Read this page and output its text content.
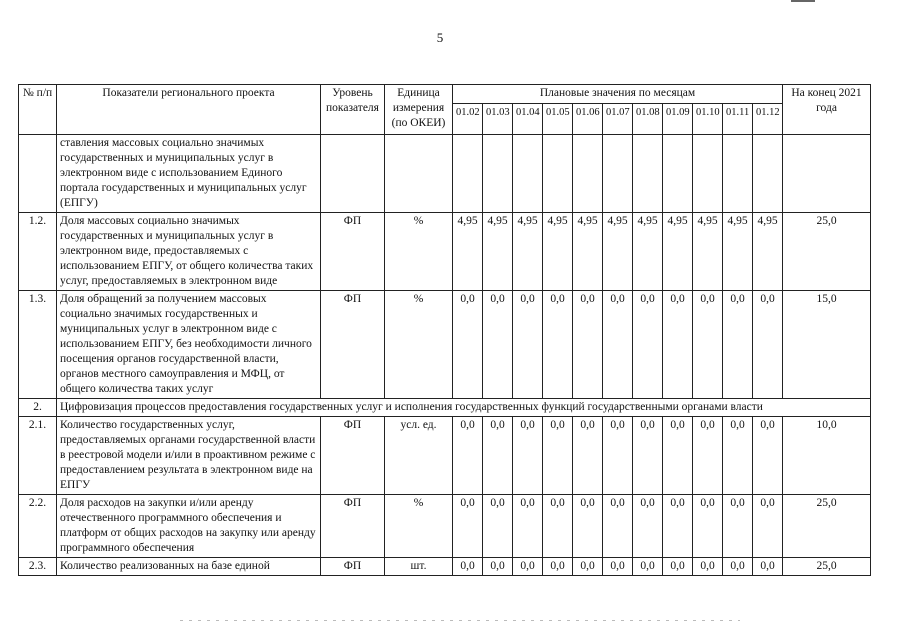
5
№ п/п	Показатели регионального проекта	Уровень показателя	Единица измерения (по ОКЕИ)	Плановые значения по месяцам											На конец 2021 года
				01.02	01.03	01.04	01.05	01.06	01.07	01.08	01.09	01.10	01.11	01.12	
	ставления массовых социально значимых государственных и муниципальных услуг в электронном виде с использованием Единого портала государственных и муниципальных услуг (ЕПГУ)														
1.2.	Доля массовых социально значимых государственных и муниципальных услуг в электронном виде, предоставляемых с использованием ЕПГУ, от общего количества таких услуг, предоставляемых в электронном виде	ФП	%	4,95	4,95	4,95	4,95	4,95	4,95	4,95	4,95	4,95	4,95	4,95	25,0
1.3.	Доля обращений за получением массовых социально значимых государственных и муниципальных услуг в электронном виде с использованием ЕПГУ, без необходимости личного посещения органов государственной власти, органов местного самоуправления и МФЦ, от общего количества таких услуг	ФП	%	0,0	0,0	0,0	0,0	0,0	0,0	0,0	0,0	0,0	0,0	0,0	15,0
2.	Цифровизация процессов предоставления государственных услуг и исполнения государственных функций государственными органами власти														
2.1.	Количество государственных услуг, предоставляемых органами государственной власти в реестровой модели и/или в проактивном режиме с предоставлением результата в электронном виде на ЕПГУ	ФП	усл. ед.	0,0	0,0	0,0	0,0	0,0	0,0	0,0	0,0	0,0	0,0	0,0	10,0
2.2.	Доля расходов на закупки и/или аренду отечественного программного обеспечения и платформ от общих расходов на закупку или аренду программного обеспечения	ФП	%	0,0	0,0	0,0	0,0	0,0	0,0	0,0	0,0	0,0	0,0	0,0	25,0
2.3.	Количество реализованных на базе единой	ФП	шт.	0,0	0,0	0,0	0,0	0,0	0,0	0,0	0,0	0,0	0,0	0,0	25,0
